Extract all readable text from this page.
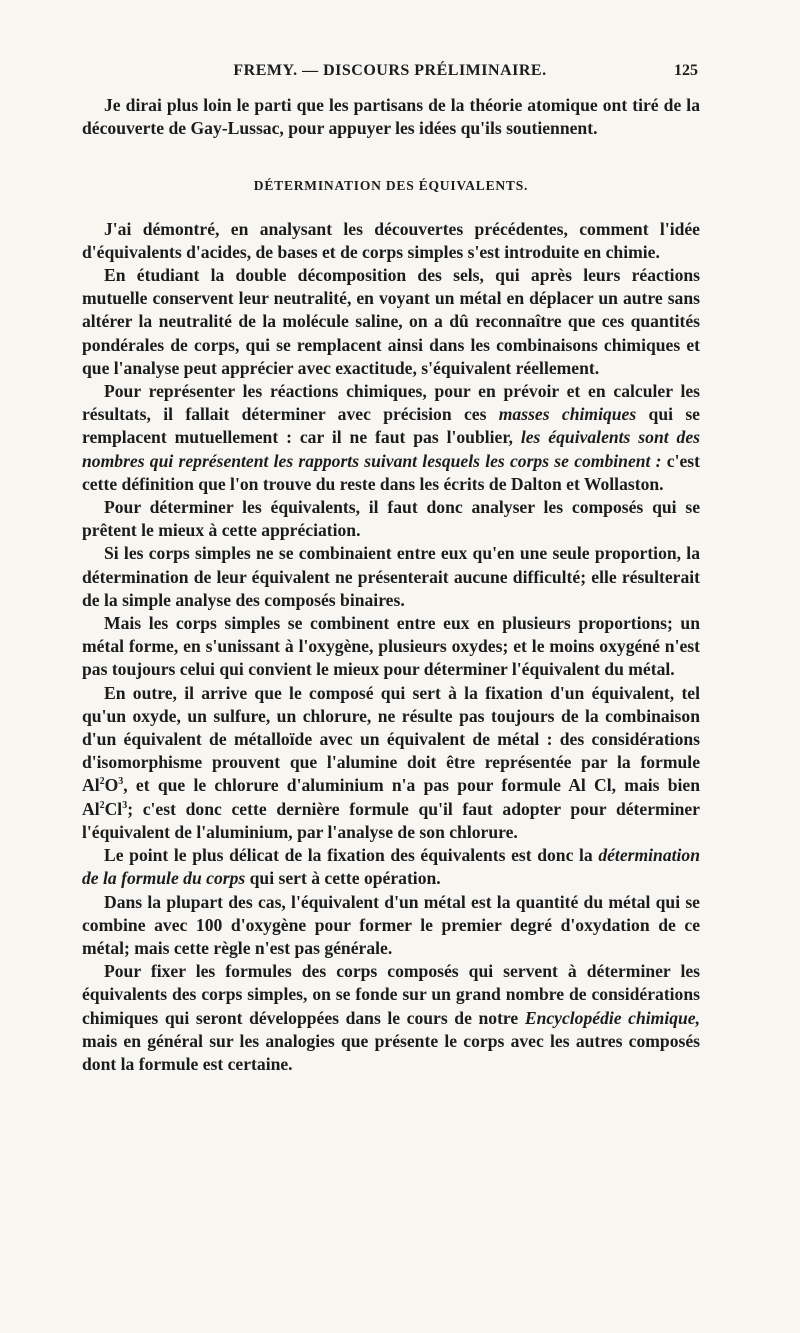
FREMY. — DISCOURS PRÉLIMINAIRE.	125

Je dirai plus loin le parti que les partisans de la théorie atomique ont tiré de la découverte de Gay-Lussac, pour appuyer les idées qu'ils soutiennent.

DÉTERMINATION DES ÉQUIVALENTS.

J'ai démontré, en analysant les découvertes précédentes, comment l'idée d'équivalents d'acides, de bases et de corps simples s'est introduite en chimie.

En étudiant la double décomposition des sels, qui après leurs réactions mutuelle conservent leur neutralité, en voyant un métal en déplacer un autre sans altérer la neutralité de la molécule saline, on a dû reconnaître que ces quantités pondérales de corps, qui se remplacent ainsi dans les combinaisons chimiques et que l'analyse peut apprécier avec exactitude, s'équivalent réellement.

Pour représenter les réactions chimiques, pour en prévoir et en calculer les résultats, il fallait déterminer avec précision ces masses chimiques qui se remplacent mutuellement : car il ne faut pas l'oublier, les équivalents sont des nombres qui représentent les rapports suivant lesquels les corps se combinent : c'est cette définition que l'on trouve du reste dans les écrits de Dalton et Wollaston.

Pour déterminer les équivalents, il faut donc analyser les composés qui se prêtent le mieux à cette appréciation.

Si les corps simples ne se combinaient entre eux qu'en une seule proportion, la détermination de leur équivalent ne présenterait aucune difficulté; elle résulterait de la simple analyse des composés binaires.

Mais les corps simples se combinent entre eux en plusieurs proportions; un métal forme, en s'unissant à l'oxygène, plusieurs oxydes; et le moins oxygéné n'est pas toujours celui qui convient le mieux pour déterminer l'équivalent du métal.

En outre, il arrive que le composé qui sert à la fixation d'un équivalent, tel qu'un oxyde, un sulfure, un chlorure, ne résulte pas toujours de la combinaison d'un équivalent de métalloïde avec un équivalent de métal : des considérations d'isomorphisme prouvent que l'alumine doit être représentée par la formule $Al^2O^3$, et que le chlorure d'aluminium n'a pas pour formule Al Cl, mais bien Al$^2$Cl$^3$; c'est donc cette dernière formule qu'il faut adopter pour déterminer l'équivalent de l'aluminium, par l'analyse de son chlorure.

Le point le plus délicat de la fixation des équivalents est donc la détermination de la formule du corps qui sert à cette opération.

Dans la plupart des cas, l'équivalent d'un métal est la quantité du métal qui se combine avec 100 d'oxygène pour former le premier degré d'oxydation de ce métal; mais cette règle n'est pas générale.

Pour fixer les formules des corps composés qui servent à déterminer les équivalents des corps simples, on se fonde sur un grand nombre de considérations chimiques qui seront développées dans le cours de notre Encyclopédie chimique, mais en général sur les analogies que présente le corps avec les autres composés dont la formule est certaine.
